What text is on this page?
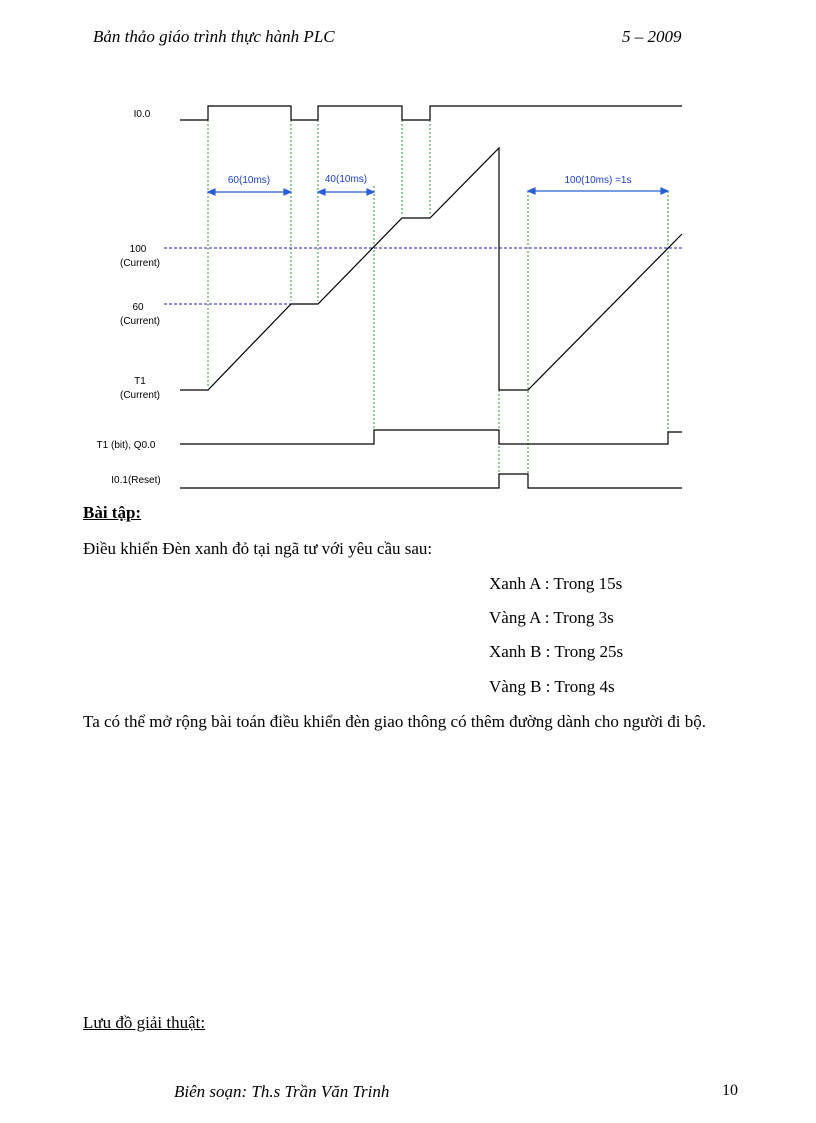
Bản thảo giáo trình thực hành PLC	5 – 2009
60(10ms)	40(10ms)	100(10ms) =1s
I0.0
100
(Current)
60
(Current)
T1
(Current)
T1 (bit), Q0.0
I0.1(Reset)
Bài tập:
Điều khiển Đèn xanh đỏ tại ngã tư với yêu cầu sau:
Xanh A : Trong 15s
Vàng A : Trong 3s
Xanh B : Trong 25s
Vàng B : Trong 4s
Ta có thể mở rộng bài toán điều khiển đèn giao thông có thêm đường dành cho người đi bộ.
Lưu đồ giải thuật:
Biên soạn: Th.s Trần Văn Trinh	10
